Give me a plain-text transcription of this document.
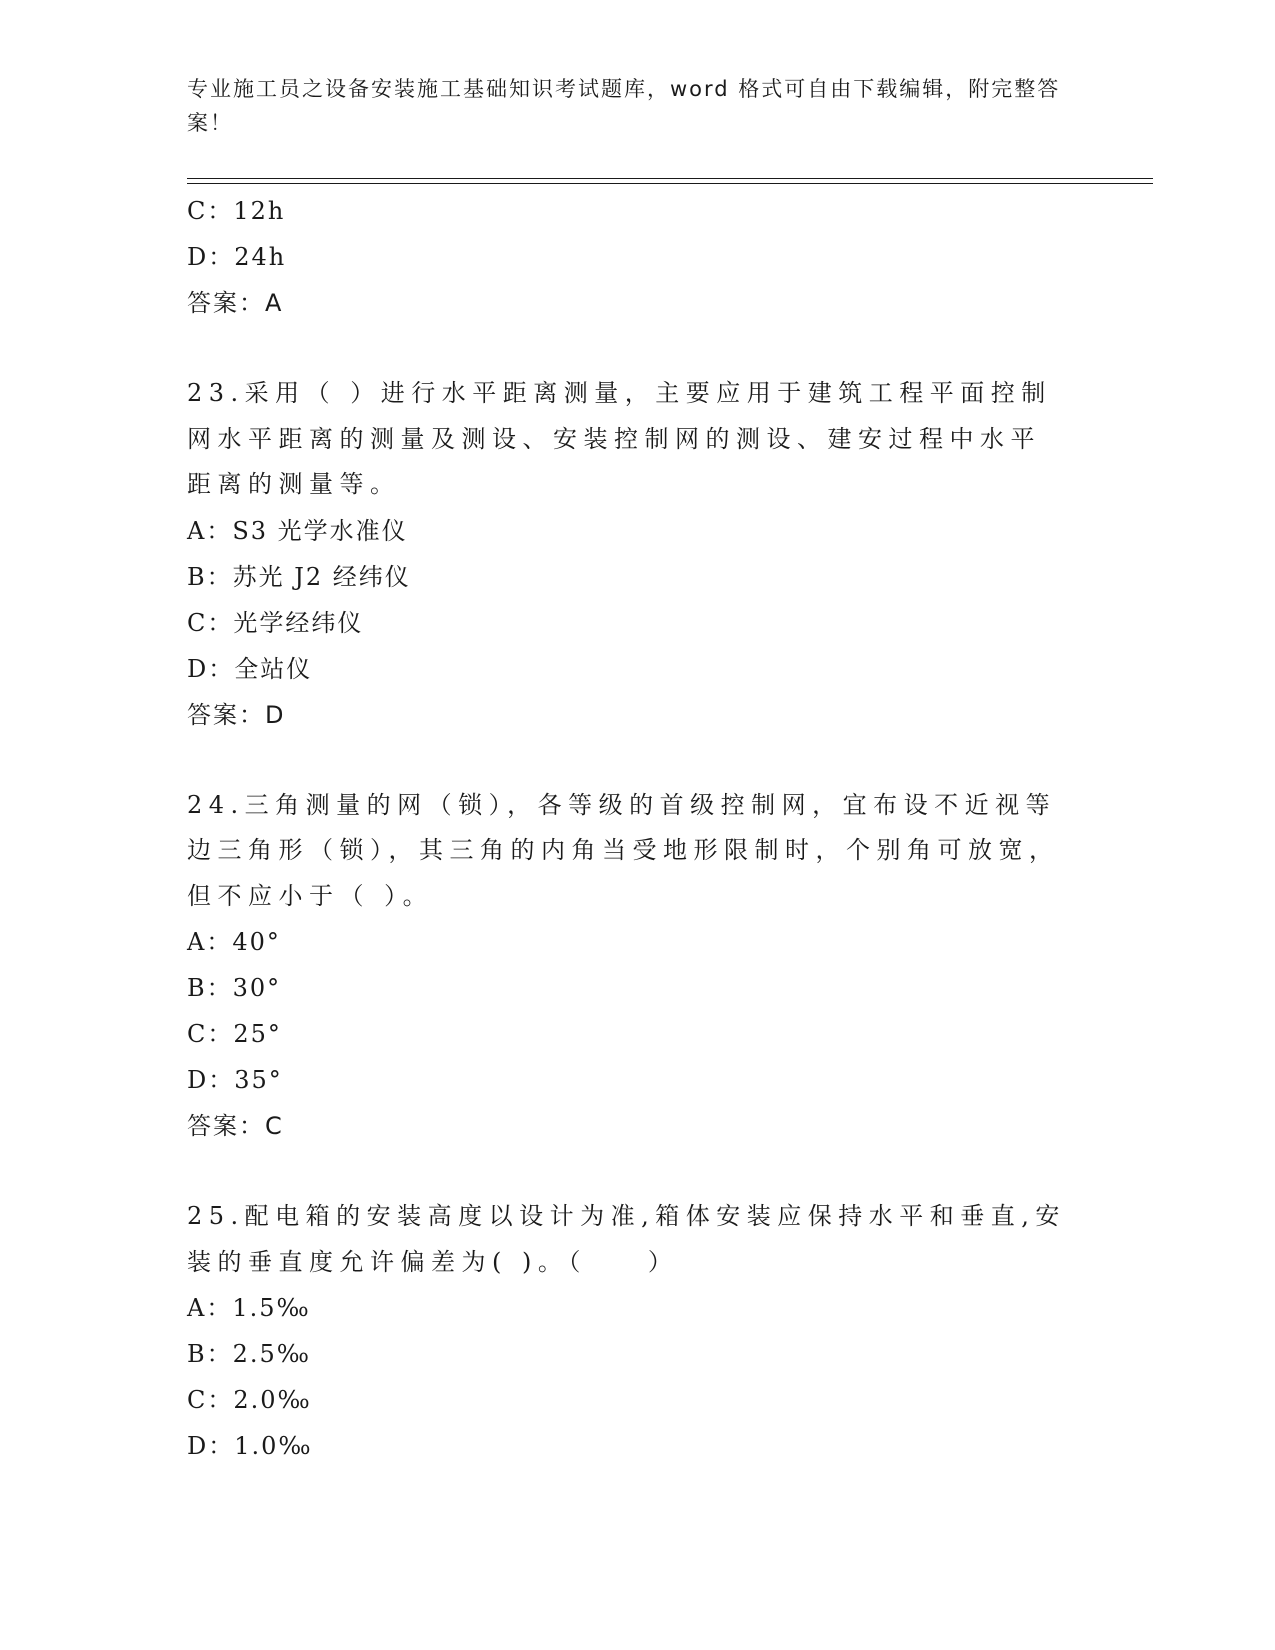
专业施工员之设备安装施工基础知识考试题库，word 格式可自由下载编辑，附完整答案！
C：12h
D：24h
答案：A
23.采用（ ）进行水平距离测量，主要应用于建筑工程平面控制网水平距离的测量及测设、安装控制网的测设、建安过程中水平距离的测量等。
A：S3 光学水准仪
B：苏光 J2 经纬仪
C：光学经纬仪
D：全站仪
答案：D
24.三角测量的网（锁），各等级的首级控制网，宜布设不近视等边三角形（锁），其三角的内角当受地形限制时，个别角可放宽，但不应小于（ ）。
A：40°
B：30°
C：25°
D：35°
答案：C
25.配电箱的安装高度以设计为准,箱体安装应保持水平和垂直,安装的垂直度允许偏差为( )。（　　）
A：1.5‰
B：2.5‰
C：2.0‰
D：1.0‰
